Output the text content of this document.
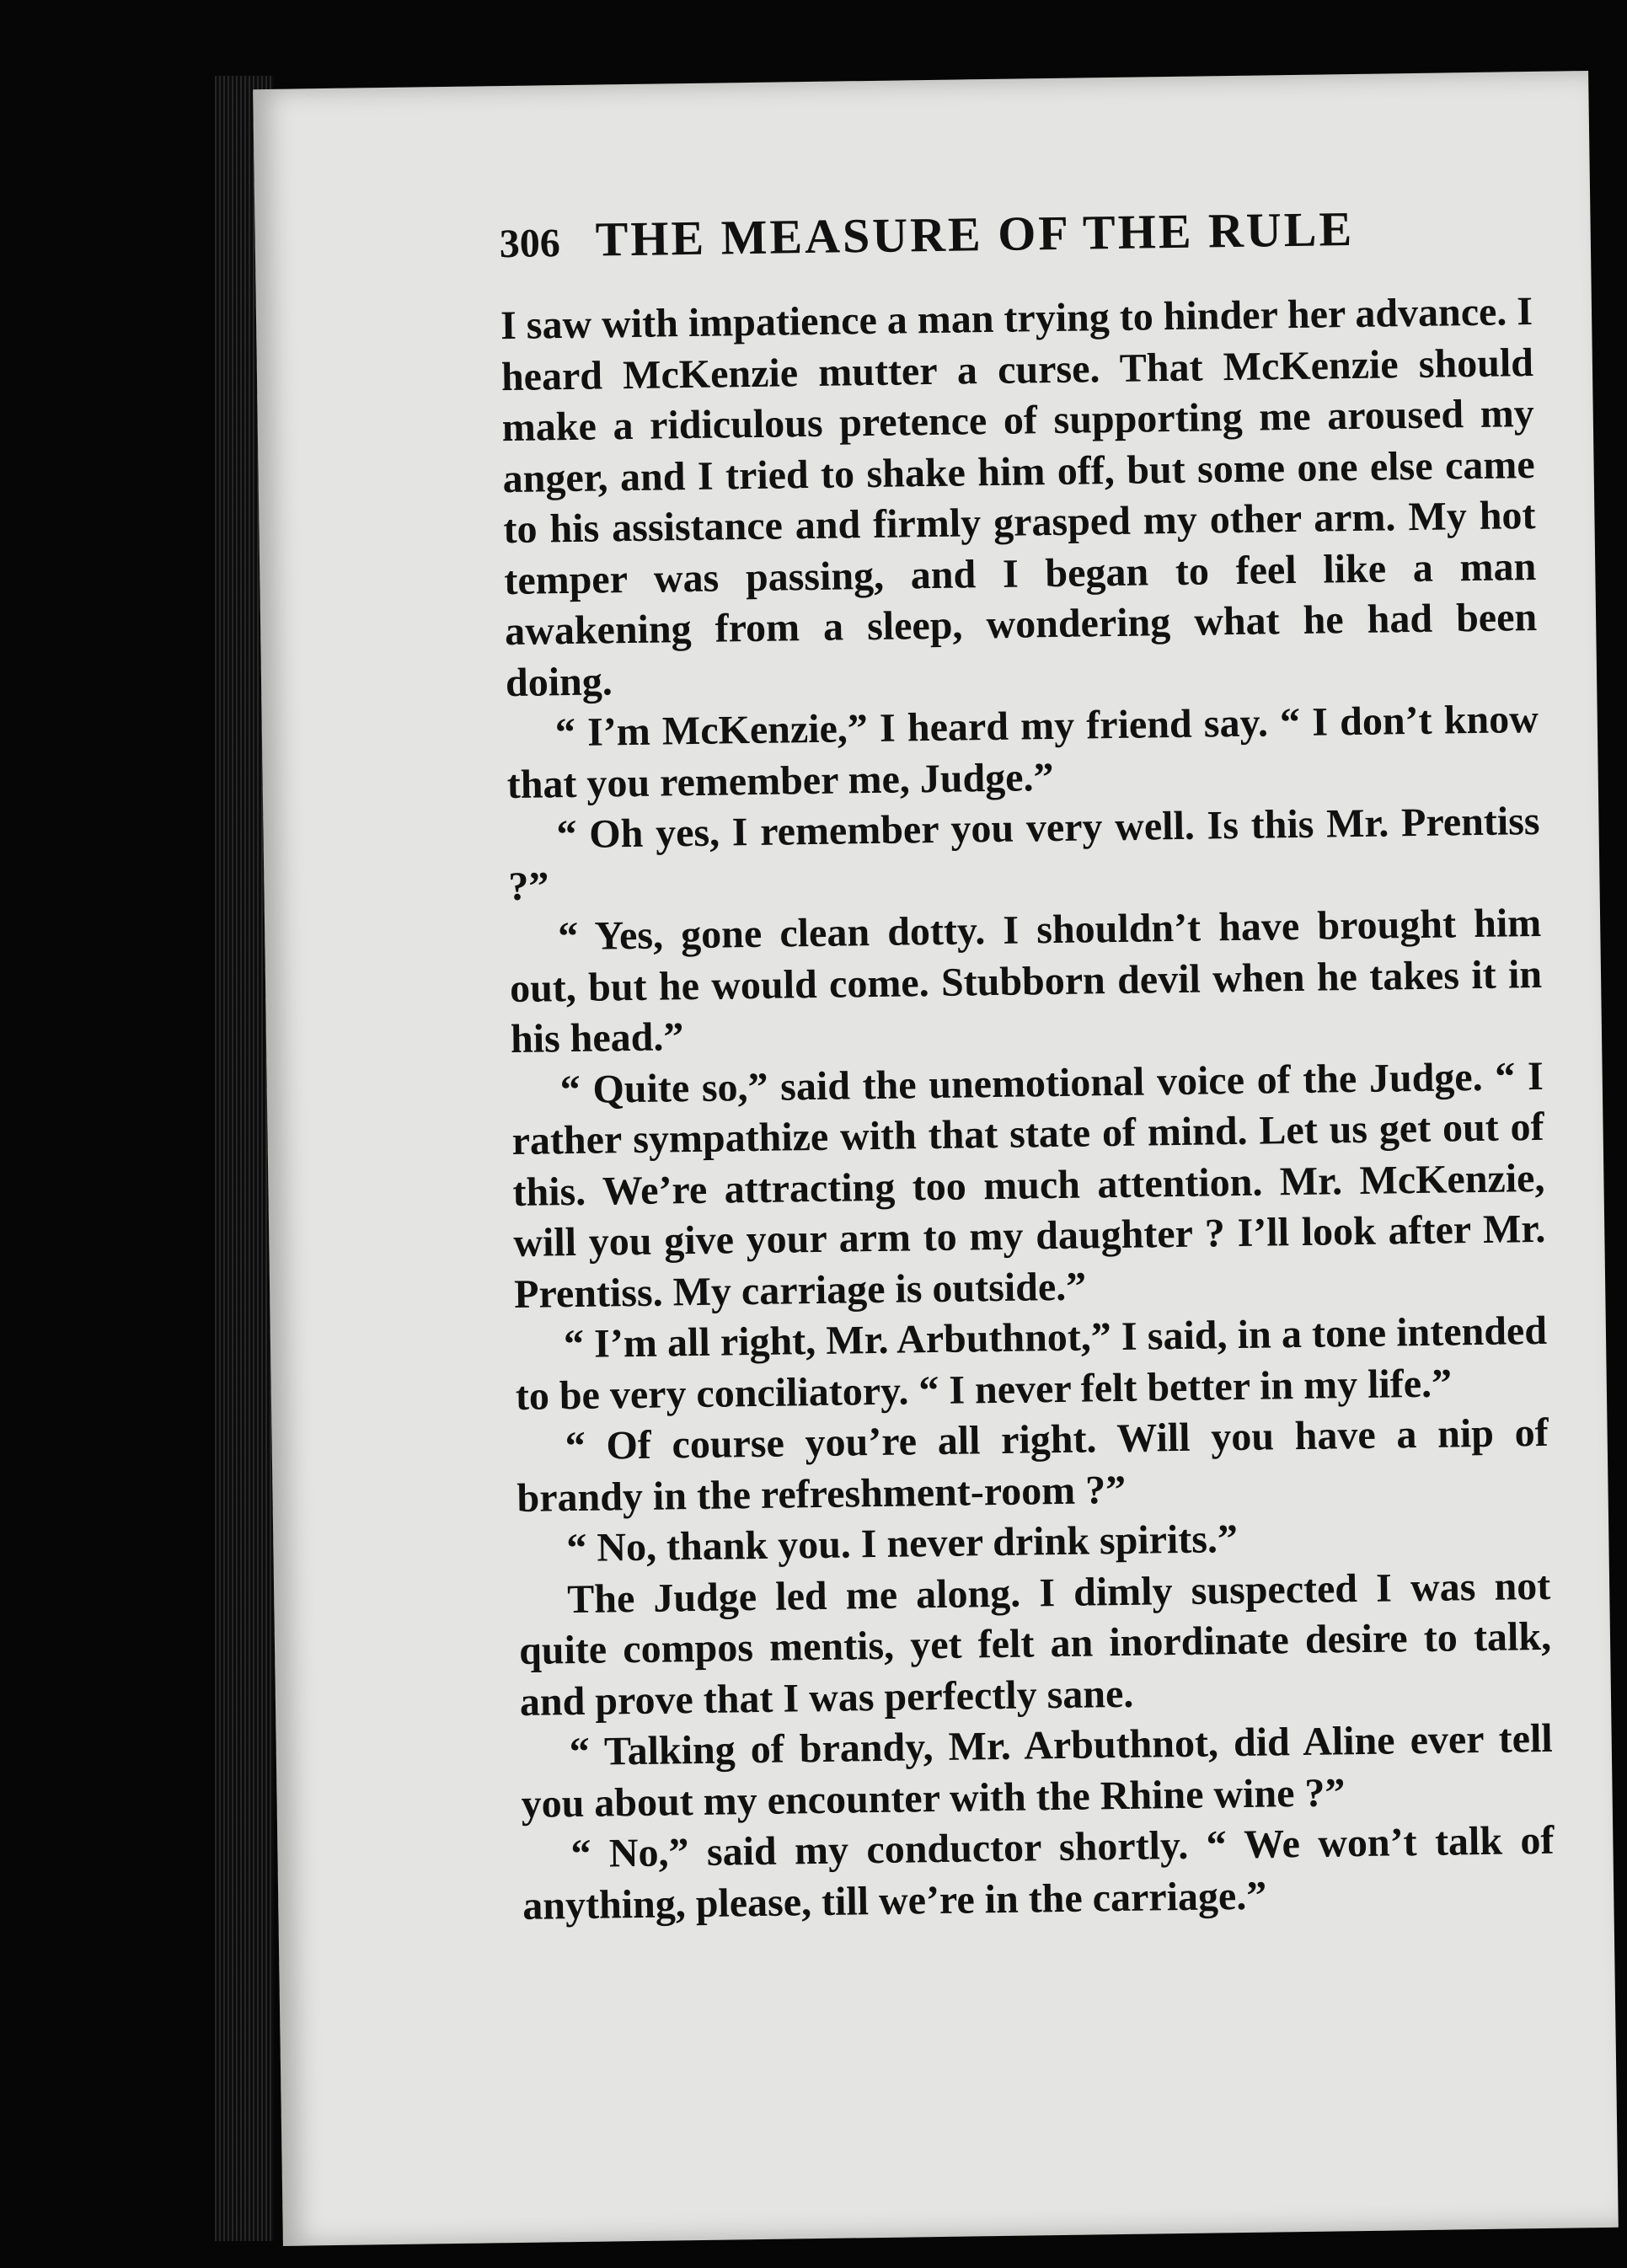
306 THE MEASURE OF THE RULE

I saw with impatience a man trying to hinder her advance. I heard McKenzie mutter a curse. That McKenzie should make a ridiculous pretence of supporting me aroused my anger, and I tried to shake him off, but some one else came to his assistance and firmly grasped my other arm. My hot temper was passing, and I began to feel like a man awakening from a sleep, wondering what he had been doing.

“ I’m McKenzie,” I heard my friend say. “ I don’t know that you remember me, Judge.”

“ Oh yes, I remember you very well. Is this Mr. Prentiss ?”

“ Yes, gone clean dotty. I shouldn’t have brought him out, but he would come. Stubborn devil when he takes it in his head.”

“ Quite so,” said the unemotional voice of the Judge. “ I rather sympathize with that state of mind. Let us get out of this. We’re attracting too much attention. Mr. McKenzie, will you give your arm to my daughter ? I’ll look after Mr. Prentiss. My carriage is outside.”

“ I’m all right, Mr. Arbuthnot,” I said, in a tone intended to be very conciliatory. “ I never felt better in my life.”

“ Of course you’re all right. Will you have a nip of brandy in the refreshment-room ?”

“ No, thank you. I never drink spirits.”

The Judge led me along. I dimly suspected I was not quite compos mentis, yet felt an inordinate desire to talk, and prove that I was perfectly sane.

“ Talking of brandy, Mr. Arbuthnot, did Aline ever tell you about my encounter with the Rhine wine ?”

“ No,” said my conductor shortly. “ We won’t talk of anything, please, till we’re in the carriage.”
